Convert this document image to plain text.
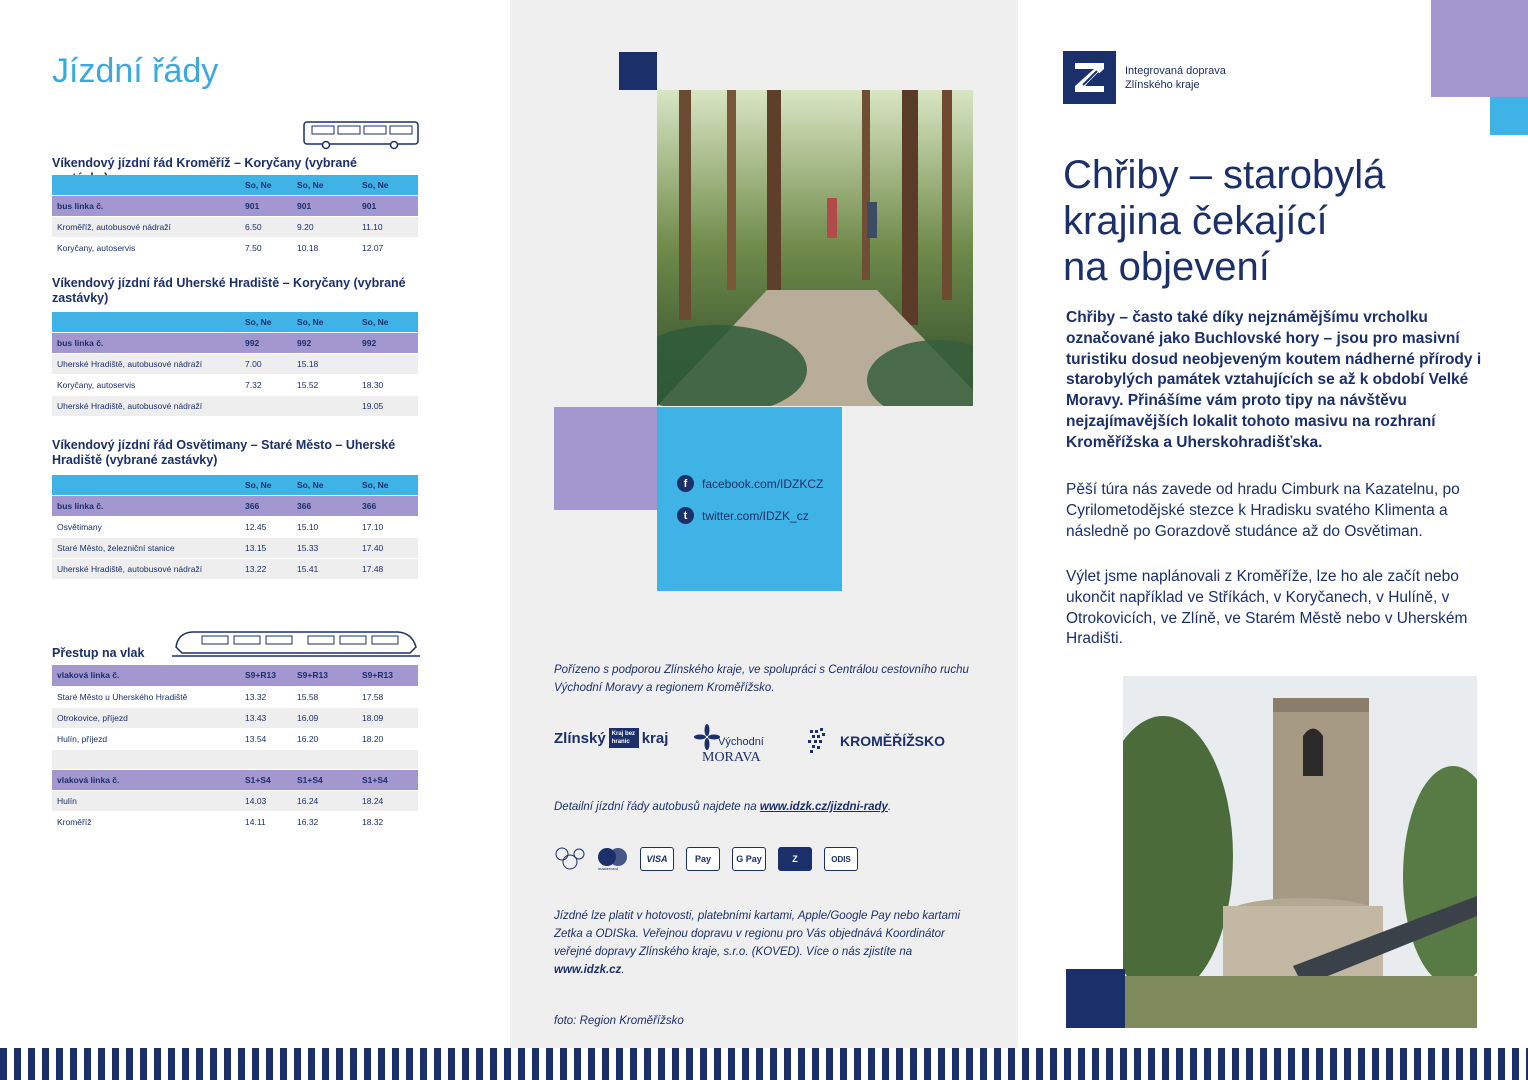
Jízdní řády
Víkendový jízdní řád Kroměříž – Koryčany (vybrané
	So, Ne	So, Ne	So, Ne
bus linka č.	901	901	901
Kroměříž, autobusové nádraží	6.50	9.20	11.10
Koryčany, autoservis	7.50	10.18	12.07
Víkendový jízdní řád Uherské Hradiště – Koryčany (vybrané zastávky)
	So, Ne	So, Ne	So, Ne
bus linka č.	992	992	992
Uherské Hradiště, autobusové nádraží	7.00	15.18	
Koryčany, autoservis	7.32	15.52	18.30
Uherské Hradiště, autobusové nádraží			19.05
Víkendový jízdní řád Osvětimany – Staré Město – Uherské Hradiště (vybrané zastávky)
	So, Ne	So, Ne	So, Ne
bus linka č.	366	366	366
Osvětimany	12.45	15.10	17.10
Staré Město, železniční stanice	13.15	15.33	17.40
Uherské Hradiště, autobusové nádraží	13.22	15.41	17.48
Přestup na vlak
vlaková linka č.	S9+R13	S9+R13	S9+R13
Staré Město u Uherského Hradiště	13.32	15.58	17.58
Otrokovice, příjezd	13.43	16.09	18.09
Hulín, příjezd	13.54	16.20	18.20

vlaková linka č.	S1+S4	S1+S4	S1+S4
Hulín	14.03	16.24	18.24
Kroměříž	14.11	16.32	18.32
f	facebook.com/IDZKCZ
t	twitter.com/IDZK_cz
Pořízeno s podporou Zlínského kraje, ve spolupráci s Centrálou cestovního ruchu Východní Moravy a regionem Kroměřížsko.
Zlínský	Kraj bez hranic kraj	Východní
MORAVA
KROMĚŘÍŽSKO
Detailní jízdní řády autobusů najdete na www.idzk.cz/jizdni-rady.
mastercard
VISA	Pay	G Pay	Z	ODIS
Jízdné lze platit v hotovosti, platebními kartami, Apple/Google Pay nebo kartami Zetka a ODISka. Veřejnou dopravu v regionu pro Vás objednává Koordinátor veřejné dopravy Zlínského kraje, s.r.o. (KOVED). Více o nás zjistíte na www.idzk.cz.
foto: Region Kroměřížsko
Integrovaná doprava
Zlínského kraje
Chřiby – starobylá
krajina čekající
na objevení
Chřiby – často také díky nejznámějšímu vrcholku označované jako Buchlovské hory – jsou pro masivní turistiku dosud neobjeveným koutem nádherné přírody i starobylých památek vztahujících se až k období Velké Moravy. Přinášíme vám proto tipy na návštěvu nejzajímavějších lokalit tohoto masivu na rozhraní Kroměřížska a Uherskohradišťska.
Pěší túra nás zavede od hradu Cimburk na Kazatelnu, po Cyrilometodějské stezce k Hradisku svatého Klimenta a následně po Gorazdově studánce až do Osvětiman.
Výlet jsme naplánovali z Kroměříže, lze ho ale začít nebo ukončit například ve Stříkách, v Koryčanech, v Hulíně, v Otrokovicích, ve Zlíně, ve Starém Městě nebo v Uherském Hradišti.
